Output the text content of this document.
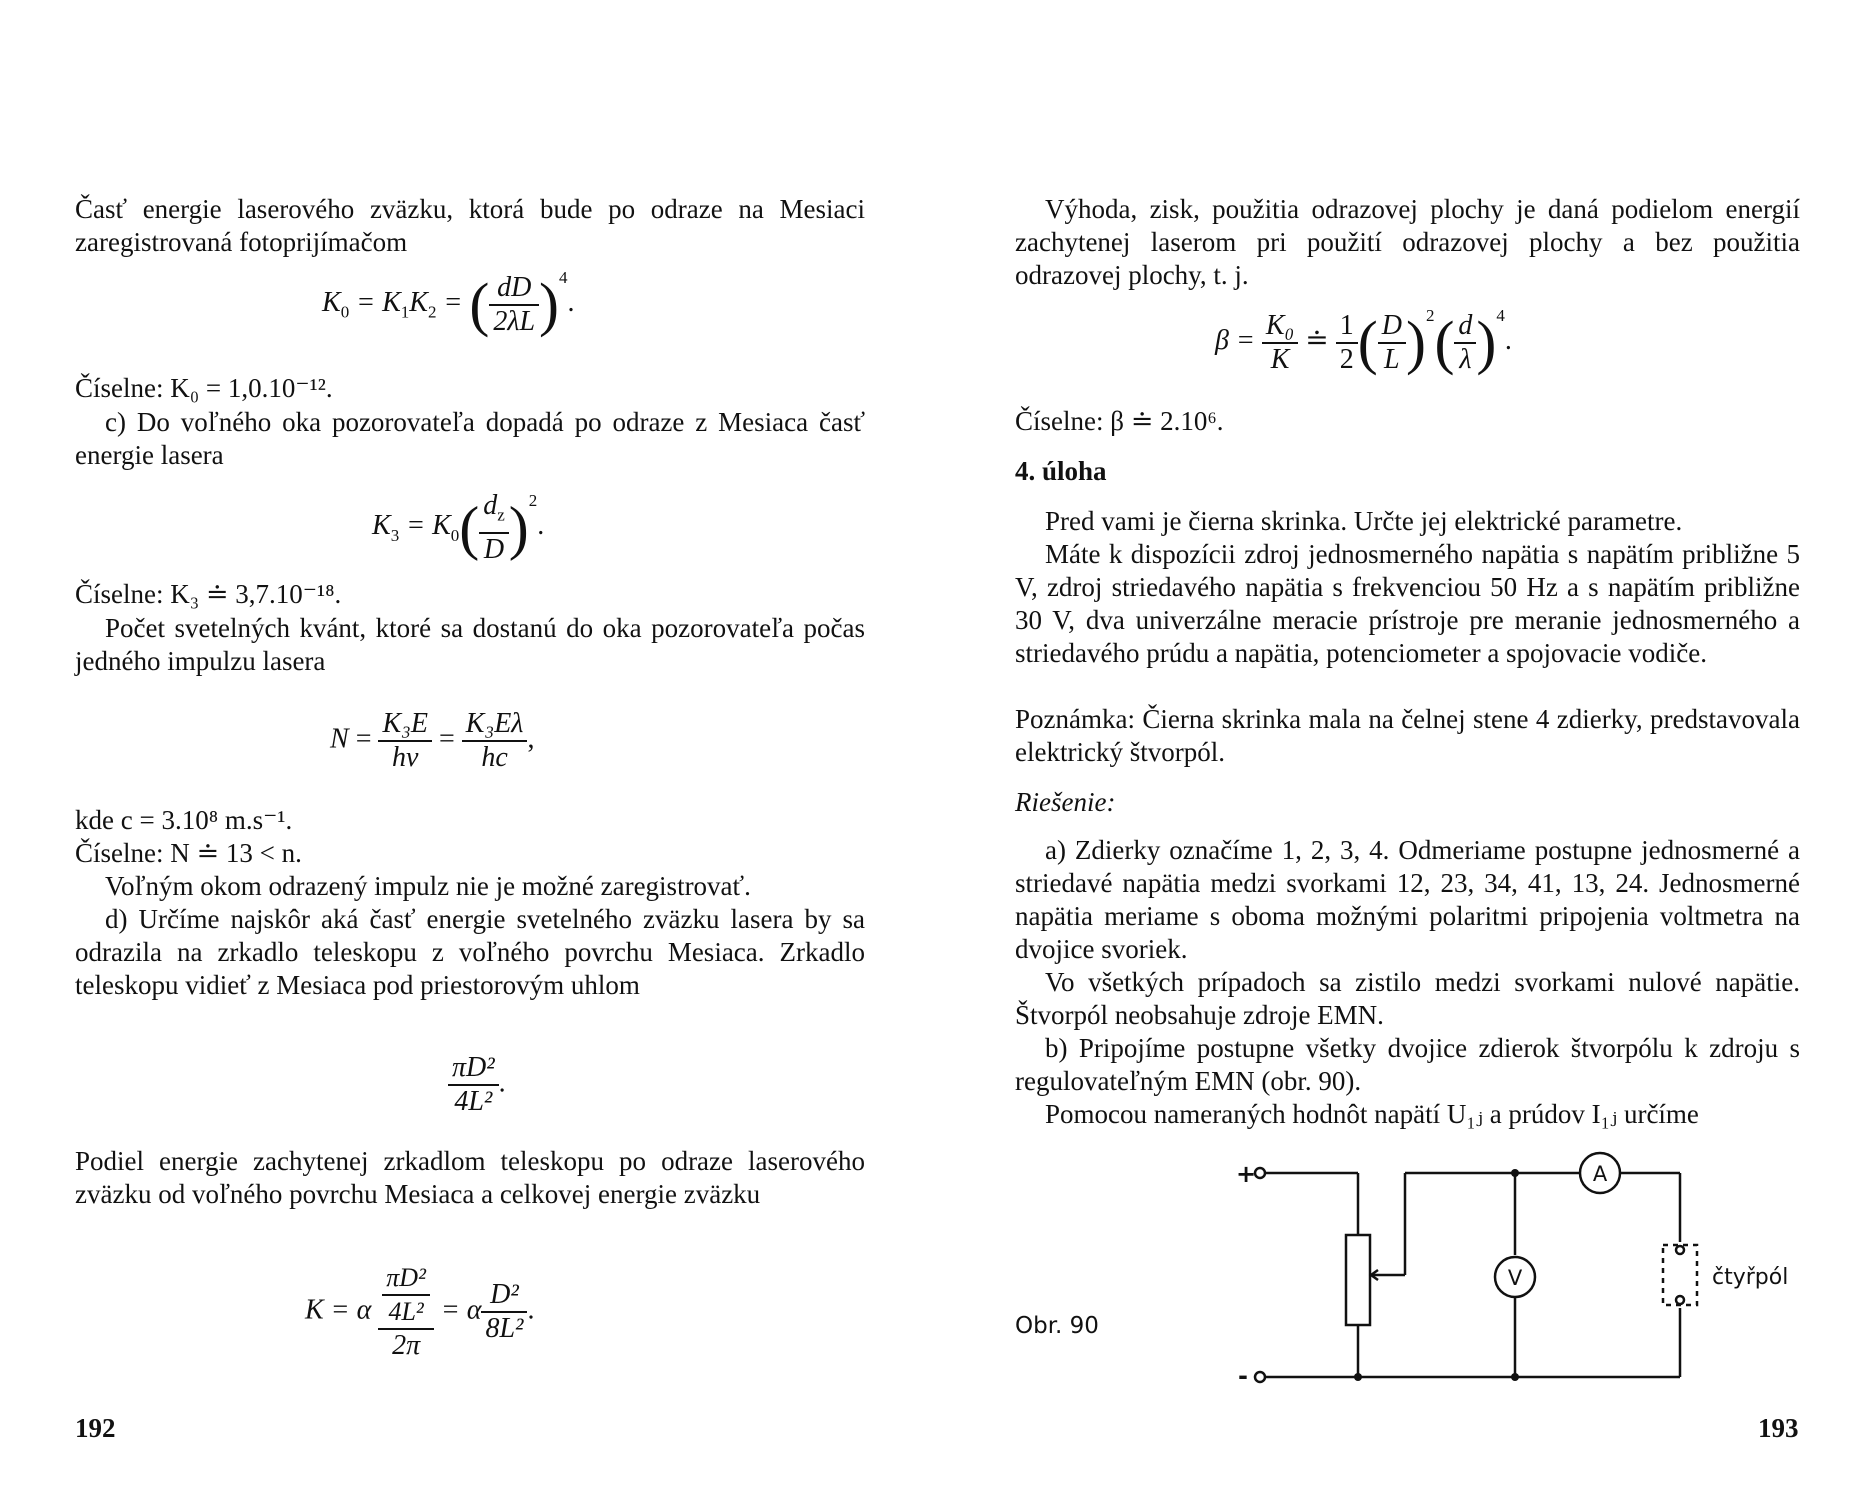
Časť energie laserového zväzku, ktorá bude po odraze na Mesiaci zaregistrovaná fotoprijímačom
$K_0 = K_1K_2$ = ( $\frac{dD}{2\lambda L} )^4$.
Číselne: K₀ = 1,0.10⁻¹².
c) Do voľného oka pozorovateľa dopadá po odraze z Mesiaca časť energie lasera
$K_3 = K_0( \frac{d_z}{D} )^2$.
Číselne: K₃ ≐ 3,7.10⁻¹⁸.
Počet svetelných kvánt, ktoré sa dostanú do oka pozorovateľa počas jedného impulzu lasera
$N = \frac{\text{K₃E}}{h\nu} = \frac{\text{K₃Eλ}}{hc}$ ,
kde c = 3.10⁸ m.s⁻¹.
Číselne: N ≐ 13 < n.
Voľným okom odrazený impulz nie je možné zaregistrovať.
d) Určíme najskôr aká časť energie svetelného zväzku lasera by sa odrazila na zrkadlo teleskopu z voľného povrchu Mesiaca. Zrkadlo teleskopu vidieť z Mesiaca pod priestorovým uhlom
$\frac{\text{πD²}}{\text{4L²}}$ .
Podiel energie zachytenej zrkadlom teleskopu po odraze laserového zväzku od voľného povrchu Mesiaca a celkovej energie zväzku
K = α $\frac{\frac{\text{πD²}}{\text{4L²}}}{2\pi} = \alpha \frac{\text{D²}}{\text{8L²}}$ .
192
Výhoda, zisk, použitia odrazovej plochy je daná podielom energií zachytenej laserom pri použití odrazovej plochy a bez použitia odrazovej plochy, t. j.
$\beta = \frac{\text{K₀}}{K}$ ≐ $\frac{1}{2}$ ( $\frac{D}{L} )^2( \frac{d}{\lambda} )^4$.
Číselne: β ≐ 2.10⁶.
4. úloha
Pred vami je čierna skrinka. Určte jej elektrické parametre.
Máte k dispozícii zdroj jednosmerného napätia s napätím približne 5 V, zdroj striedavého napätia s frekvenciou 50 Hz a s napätím približne 30 V, dva univerzálne meracie prístroje pre meranie jednosmerného a striedavého prúdu a napätia, potenciometer a spojovacie vodiče.
Poznámka: Čierna skrinka mala na čelnej stene 4 zdierky, predstavovala elektrický štvorpól.
Riešenie:
a) Zdierky označíme 1, 2, 3, 4. Odmeriame postupne jednosmerné a striedavé napätia medzi svorkami 12, 23, 34, 41, 13, 24. Jednosmerné napätia meriame s oboma možnými polaritmi pripojenia voltmetra na dvojice svoriek.
Vo všetkých prípadoch sa zistilo medzi svorkami nulové napätie. Štvorpól neobsahuje zdroje EMN.
b) Pripojíme postupne všetky dvojice zdierok štvorpólu k zdroju s regulovateľným EMN (obr. 90).
Pomocou nameraných hodnôt napätí U₁ⱼ a prúdov I₁ⱼ určíme
193
Obr. 90
+
-
A
V	čtyřpól
